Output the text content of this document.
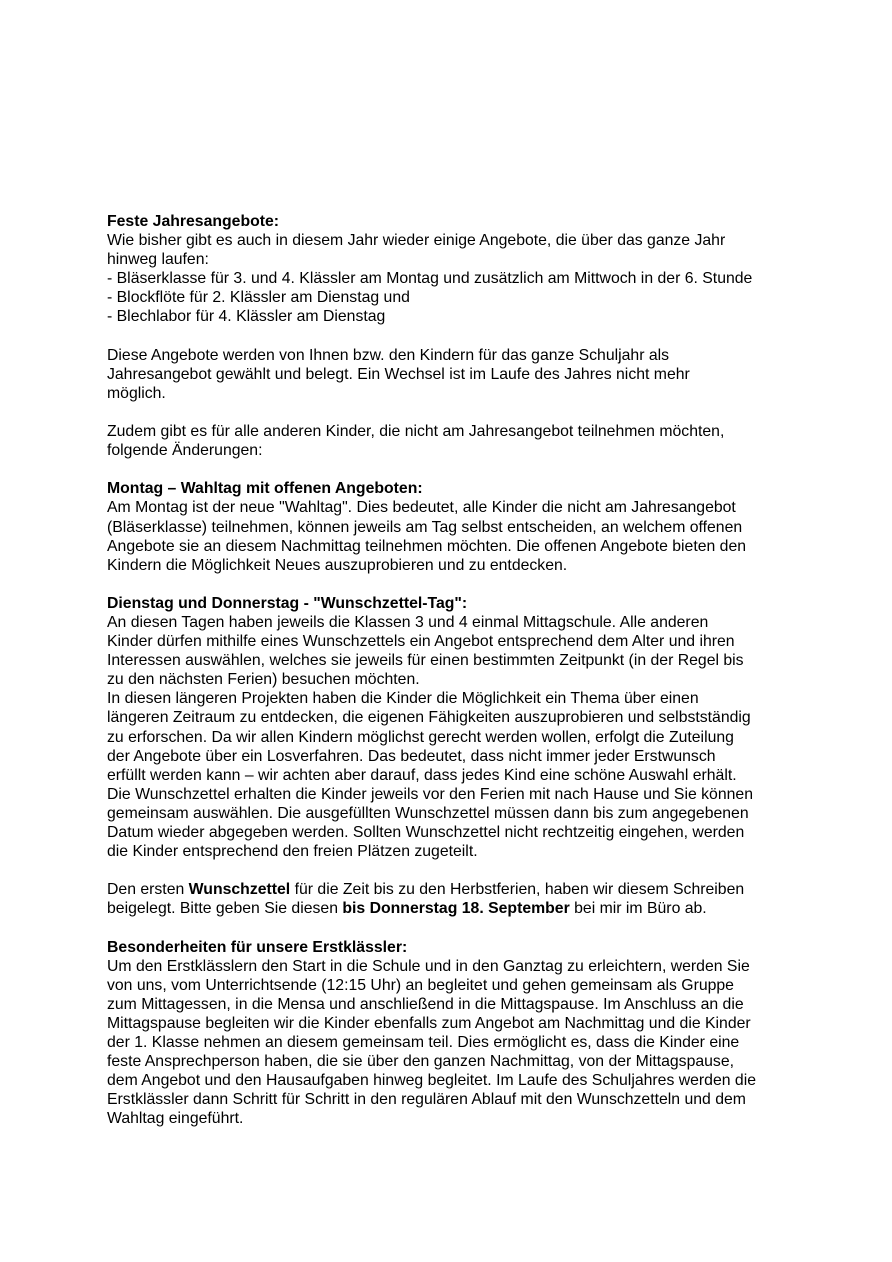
Feste Jahresangebote:
Wie bisher gibt es auch in diesem Jahr wieder einige Angebote, die über das ganze Jahr
hinweg laufen:
- Bläserklasse für 3. und 4. Klässler am Montag und zusätzlich am Mittwoch in der 6. Stunde
- Blockflöte für 2. Klässler am Dienstag und
- Blechlabor für 4. Klässler am Dienstag
Diese Angebote werden von Ihnen bzw. den Kindern für das ganze Schuljahr als
Jahresangebot gewählt und belegt. Ein Wechsel ist im Laufe des Jahres nicht mehr
möglich.
Zudem gibt es für alle anderen Kinder, die nicht am Jahresangebot teilnehmen möchten,
folgende Änderungen:
Montag – Wahltag mit offenen Angeboten:
Am Montag ist der neue "Wahltag". Dies bedeutet, alle Kinder die nicht am Jahresangebot
(Bläserklasse) teilnehmen, können jeweils am Tag selbst entscheiden, an welchem offenen
Angebote sie an diesem Nachmittag teilnehmen möchten. Die offenen Angebote bieten den
Kindern die Möglichkeit Neues auszuprobieren und zu entdecken.
Dienstag und Donnerstag - "Wunschzettel-Tag":
An diesen Tagen haben jeweils die Klassen 3 und 4 einmal Mittagschule. Alle anderen
Kinder dürfen mithilfe eines Wunschzettels ein Angebot entsprechend dem Alter und ihren
Interessen auswählen, welches sie jeweils für einen bestimmten Zeitpunkt (in der Regel bis
zu den nächsten Ferien) besuchen möchten.
In diesen längeren Projekten haben die Kinder die Möglichkeit ein Thema über einen
längeren Zeitraum zu entdecken, die eigenen Fähigkeiten auszuprobieren und selbstständig
zu erforschen. Da wir allen Kindern möglichst gerecht werden wollen, erfolgt die Zuteilung
der Angebote über ein Losverfahren. Das bedeutet, dass nicht immer jeder Erstwunsch
erfüllt werden kann – wir achten aber darauf, dass jedes Kind eine schöne Auswahl erhält.
Die Wunschzettel erhalten die Kinder jeweils vor den Ferien mit nach Hause und Sie können
gemeinsam auswählen. Die ausgefüllten Wunschzettel müssen dann bis zum angegebenen
Datum wieder abgegeben werden. Sollten Wunschzettel nicht rechtzeitig eingehen, werden
die Kinder entsprechend den freien Plätzen zugeteilt.
Den ersten Wunschzettel für die Zeit bis zu den Herbstferien, haben wir diesem Schreiben
beigelegt. Bitte geben Sie diesen bis Donnerstag 18. September bei mir im Büro ab.
Besonderheiten für unsere Erstklässler:
Um den Erstklässlern den Start in die Schule und in den Ganztag zu erleichtern, werden Sie
von uns, vom Unterrichtsende (12:15 Uhr) an begleitet und gehen gemeinsam als Gruppe
zum Mittagessen, in die Mensa und anschließend in die Mittagspause. Im Anschluss an die
Mittagspause begleiten wir die Kinder ebenfalls zum Angebot am Nachmittag und die Kinder
der 1. Klasse nehmen an diesem gemeinsam teil. Dies ermöglicht es, dass die Kinder eine
feste Ansprechperson haben, die sie über den ganzen Nachmittag, von der Mittagspause,
dem Angebot und den Hausaufgaben hinweg begleitet. Im Laufe des Schuljahres werden die
Erstklässler dann Schritt für Schritt in den regulären Ablauf mit den Wunschzetteln und dem
Wahltag eingeführt.
